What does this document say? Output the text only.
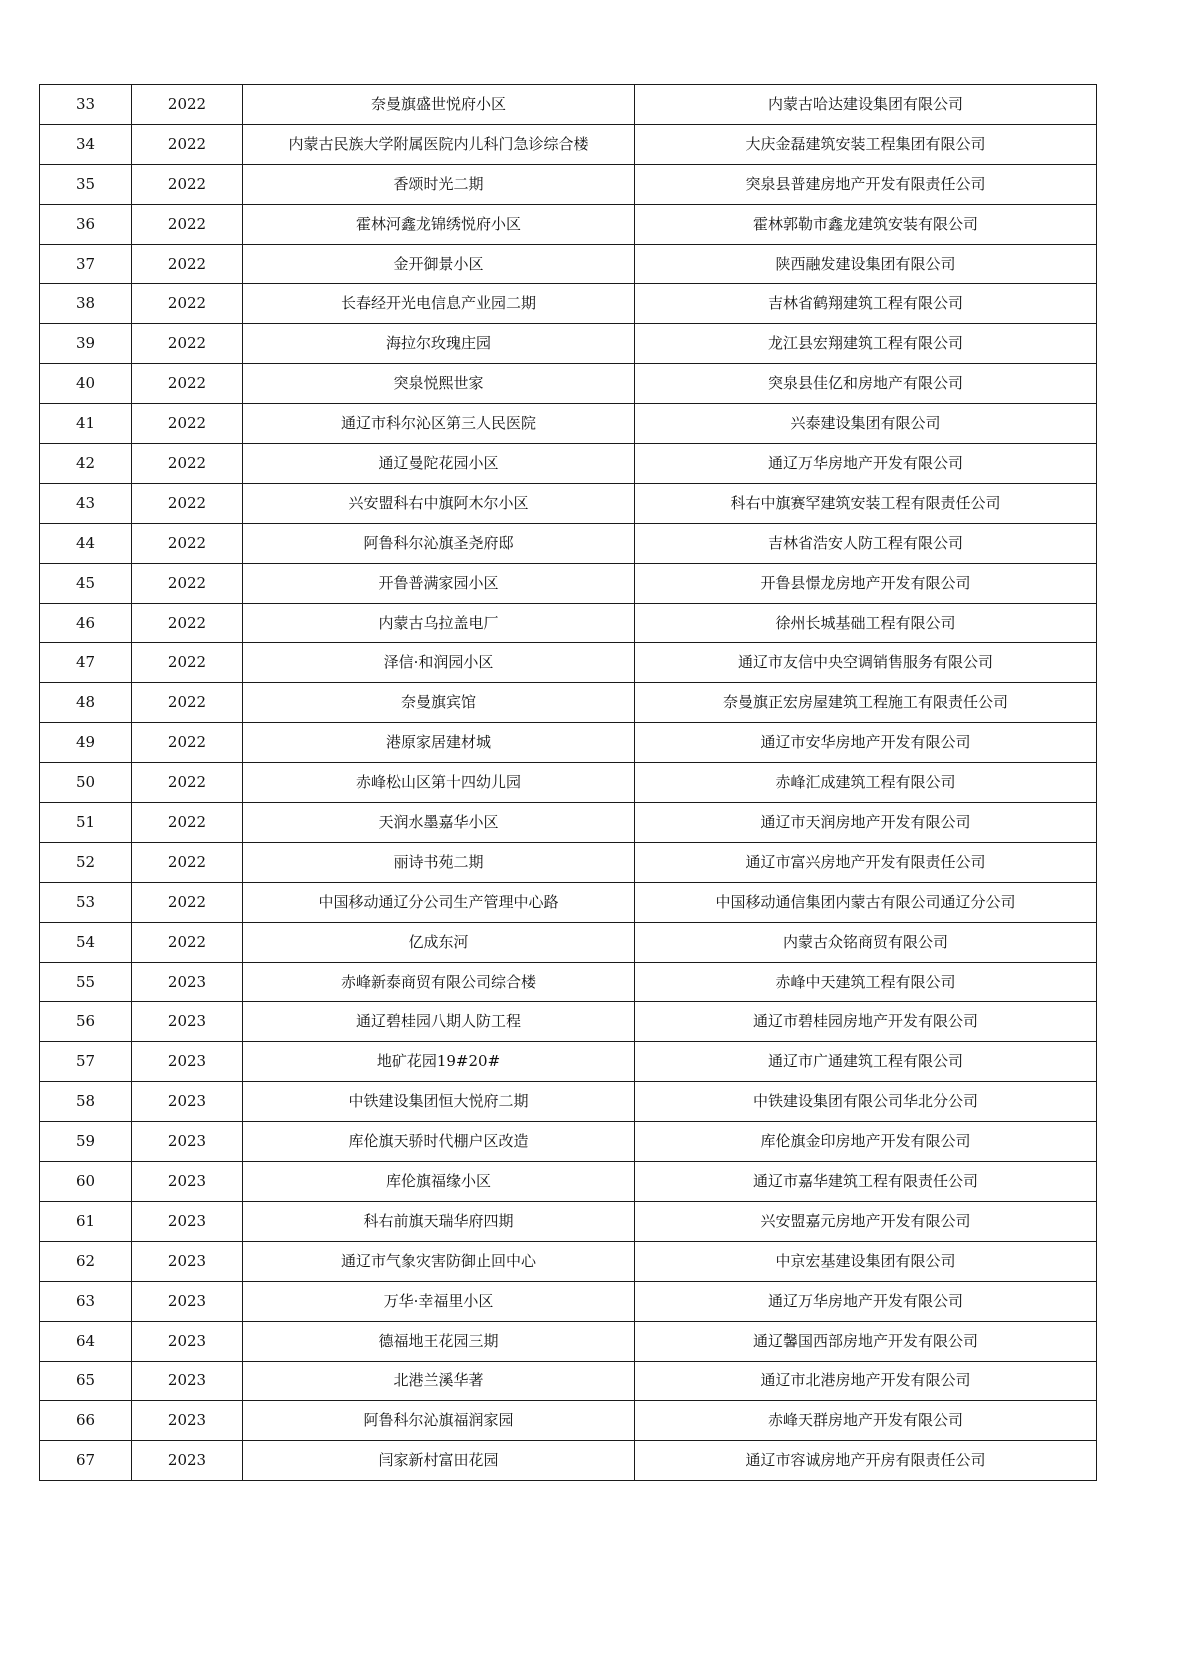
33	2022	奈曼旗盛世悦府小区	内蒙古哈达建设集团有限公司
34	2022	内蒙古民族大学附属医院内儿科门急诊综合楼	大庆金磊建筑安装工程集团有限公司
35	2022	香颂时光二期	突泉县普建房地产开发有限责任公司
36	2022	霍林河鑫龙锦绣悦府小区	霍林郭勒市鑫龙建筑安装有限公司
37	2022	金开御景小区	陕西融发建设集团有限公司
38	2022	长春经开光电信息产业园二期	吉林省鹤翔建筑工程有限公司
39	2022	海拉尔玫瑰庄园	龙江县宏翔建筑工程有限公司
40	2022	突泉悦熙世家	突泉县佳亿和房地产有限公司
41	2022	通辽市科尔沁区第三人民医院	兴泰建设集团有限公司
42	2022	通辽曼陀花园小区	通辽万华房地产开发有限公司
43	2022	兴安盟科右中旗阿木尔小区	科右中旗赛罕建筑安装工程有限责任公司
44	2022	阿鲁科尔沁旗圣尧府邸	吉林省浩安人防工程有限公司
45	2022	开鲁普满家园小区	开鲁县憬龙房地产开发有限公司
46	2022	内蒙古乌拉盖电厂	徐州长城基础工程有限公司
47	2022	泽信·和润园小区	通辽市友信中央空调销售服务有限公司
48	2022	奈曼旗宾馆	奈曼旗正宏房屋建筑工程施工有限责任公司
49	2022	港原家居建材城	通辽市安华房地产开发有限公司
50	2022	赤峰松山区第十四幼儿园	赤峰汇成建筑工程有限公司
51	2022	天润水墨嘉华小区	通辽市天润房地产开发有限公司
52	2022	丽诗书苑二期	通辽市富兴房地产开发有限责任公司
53	2022	中国移动通辽分公司生产管理中心路	中国移动通信集团内蒙古有限公司通辽分公司
54	2022	亿成东河	内蒙古众铭商贸有限公司
55	2023	赤峰新泰商贸有限公司综合楼	赤峰中天建筑工程有限公司
56	2023	通辽碧桂园八期人防工程	通辽市碧桂园房地产开发有限公司
57	2023	地矿花园19#20#	通辽市广通建筑工程有限公司
58	2023	中铁建设集团恒大悦府二期	中铁建设集团有限公司华北分公司
59	2023	库伦旗天骄时代棚户区改造	库伦旗金印房地产开发有限公司
60	2023	库伦旗福缘小区	通辽市嘉华建筑工程有限责任公司
61	2023	科右前旗天瑞华府四期	兴安盟嘉元房地产开发有限公司
62	2023	通辽市气象灾害防御止回中心	中京宏基建设集团有限公司
63	2023	万华·幸福里小区	通辽万华房地产开发有限公司
64	2023	德福地王花园三期	通辽馨国西部房地产开发有限公司
65	2023	北港兰溪华著	通辽市北港房地产开发有限公司
66	2023	阿鲁科尔沁旗福润家园	赤峰天群房地产开发有限公司
67	2023	闫家新村富田花园	通辽市容诚房地产开房有限责任公司
